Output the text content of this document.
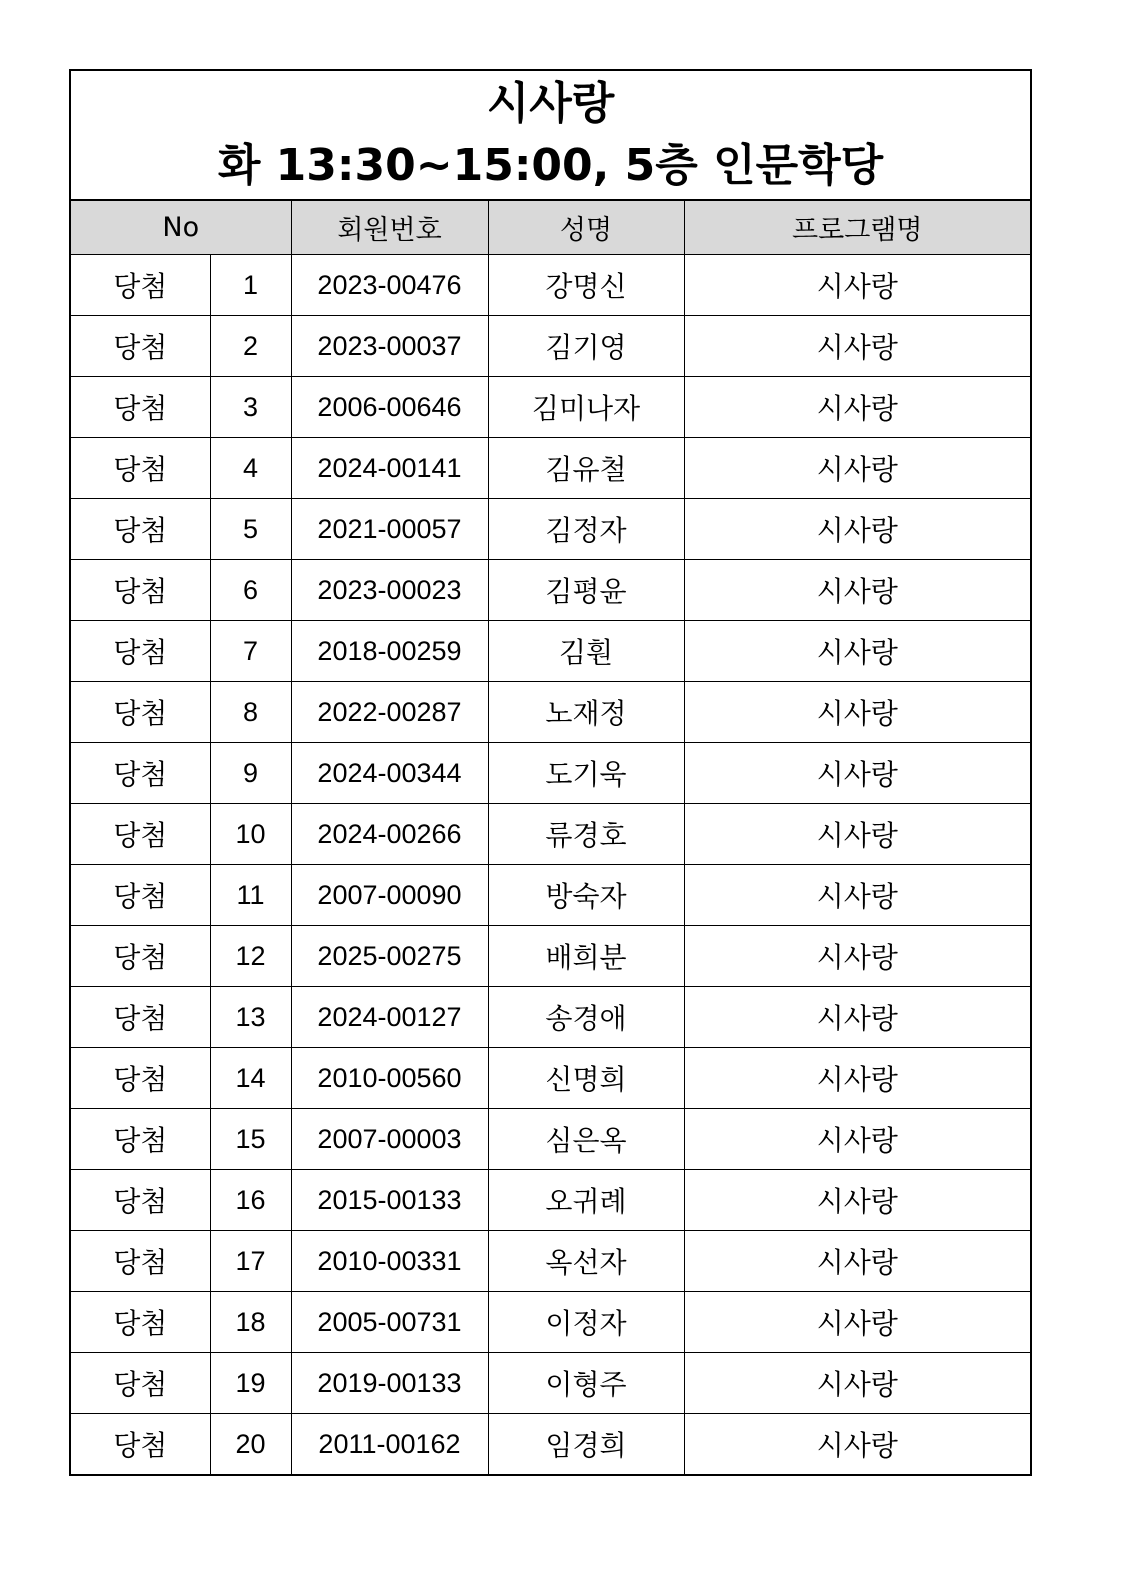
시사랑
화 13:30~15:00, 5층 인문학당
No		회원번호	성명	프로그램명
당첨	1	2023-00476	강명신	시사랑
당첨	2	2023-00037	김기영	시사랑
당첨	3	2006-00646	김미나자	시사랑
당첨	4	2024-00141	김유철	시사랑
당첨	5	2021-00057	김정자	시사랑
당첨	6	2023-00023	김평윤	시사랑
당첨	7	2018-00259	김훤	시사랑
당첨	8	2022-00287	노재정	시사랑
당첨	9	2024-00344	도기욱	시사랑
당첨	10	2024-00266	류경호	시사랑
당첨	11	2007-00090	방숙자	시사랑
당첨	12	2025-00275	배희분	시사랑
당첨	13	2024-00127	송경애	시사랑
당첨	14	2010-00560	신명희	시사랑
당첨	15	2007-00003	심은옥	시사랑
당첨	16	2015-00133	오귀례	시사랑
당첨	17	2010-00331	옥선자	시사랑
당첨	18	2005-00731	이정자	시사랑
당첨	19	2019-00133	이형주	시사랑
당첨	20	2011-00162	임경희	시사랑
